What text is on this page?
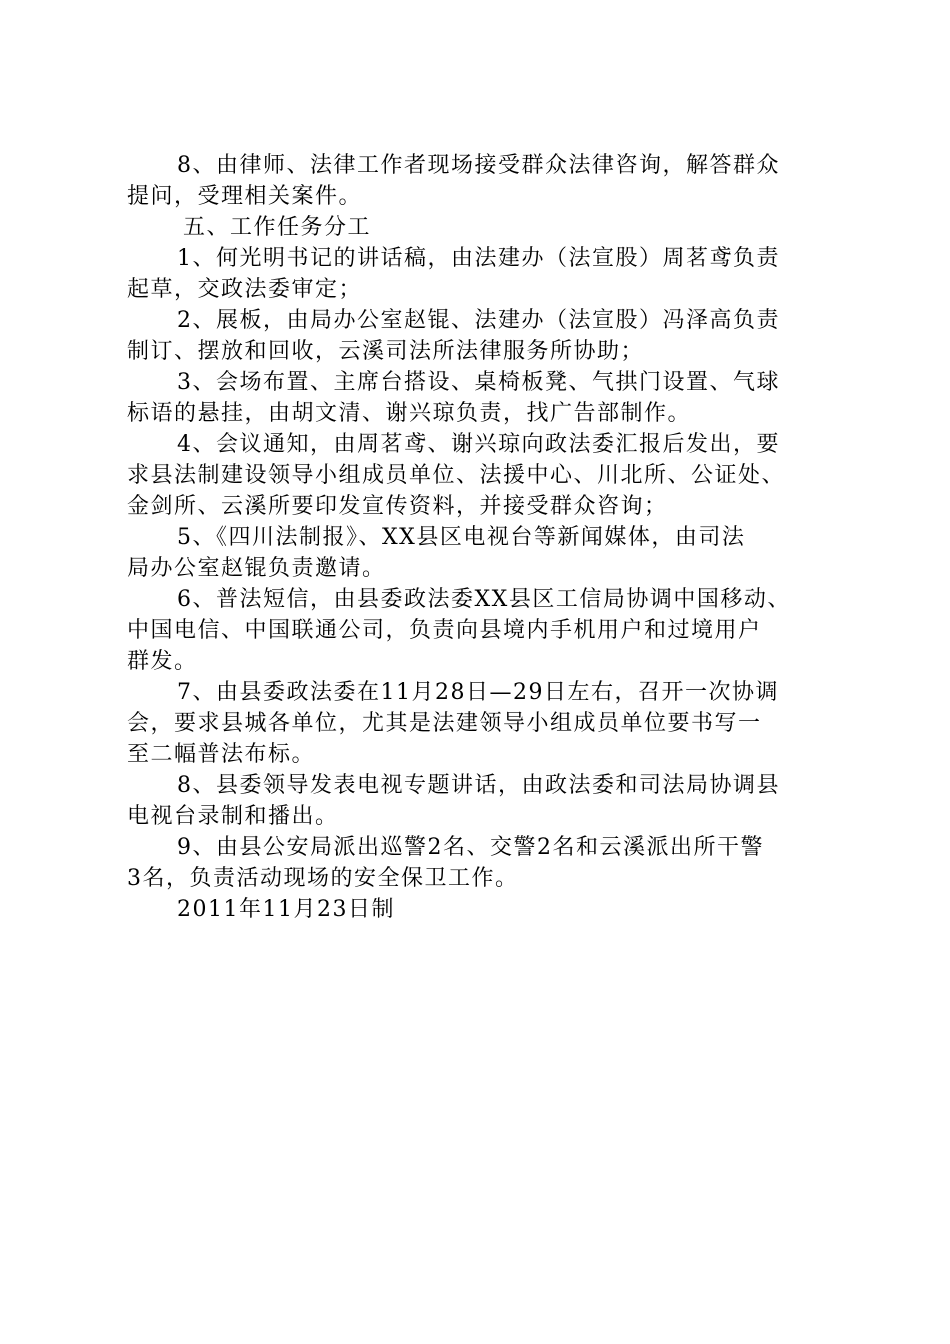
8、由律师、法律工作者现场接受群众法律咨询，解答群众
提问，受理相关案件。
五、工作任务分工
1、何光明书记的讲话稿，由法建办（法宣股）周茗鸢负责
起草，交政法委审定；
2、展板，由局办公室赵锟、法建办（法宣股）冯泽高负责
制订、摆放和回收，云溪司法所法律服务所协助；
3、会场布置、主席台搭设、桌椅板凳、气拱门设置、气球
标语的悬挂，由胡文清、谢兴琼负责，找广告部制作。
4、会议通知，由周茗鸢、谢兴琼向政法委汇报后发出，要
求县法制建设领导小组成员单位、法援中心、川北所、公证处、
金剑所、云溪所要印发宣传资料，并接受群众咨询；
5、《四川法制报》、XX县区电视台等新闻媒体，由司法
局办公室赵锟负责邀请。
6、普法短信，由县委政法委XX县区工信局协调中国移动、
中国电信、中国联通公司，负责向县境内手机用户和过境用户
群发。
7、由县委政法委在11月28日—29日左右，召开一次协调
会，要求县城各单位，尤其是法建领导小组成员单位要书写一
至二幅普法布标。
8、县委领导发表电视专题讲话，由政法委和司法局协调县
电视台录制和播出。
9、由县公安局派出巡警2名、交警2名和云溪派出所干警
3名，负责活动现场的安全保卫工作。
2011年11月23日制
